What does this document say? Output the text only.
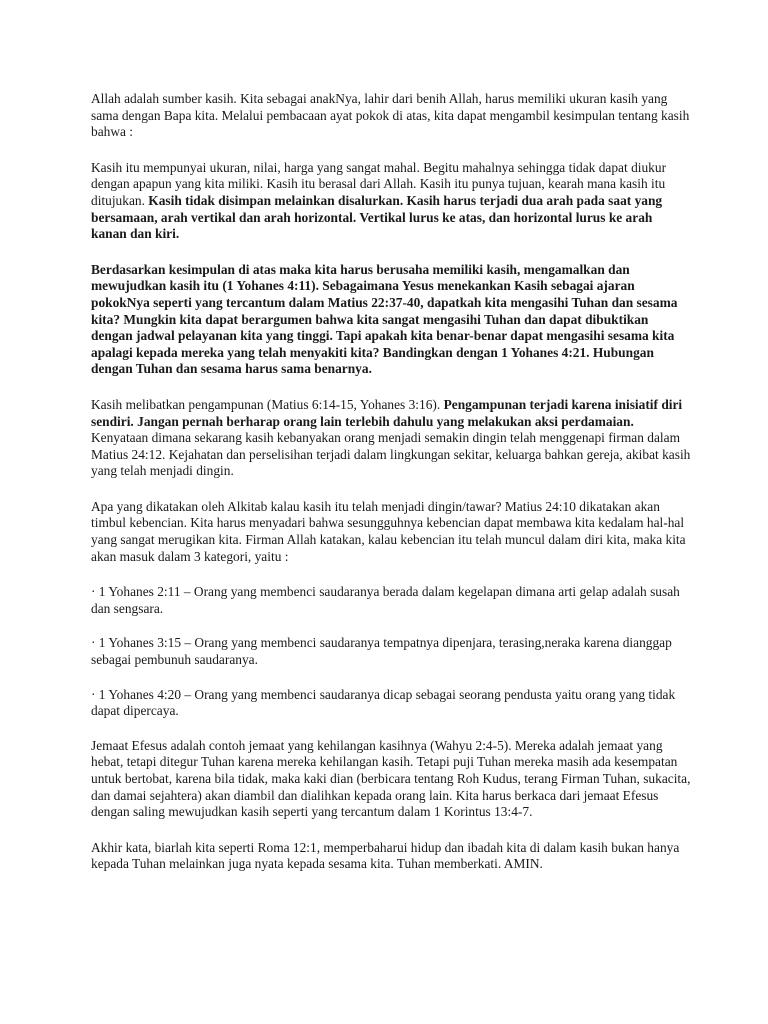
Allah adalah sumber kasih. Kita sebagai anakNya, lahir dari benih Allah, harus memiliki ukuran kasih yang sama dengan Bapa kita. Melalui pembacaan ayat pokok di atas, kita dapat mengambil kesimpulan tentang kasih bahwa :

Kasih itu mempunyai ukuran, nilai, harga yang sangat mahal. Begitu mahalnya sehingga tidak dapat diukur dengan apapun yang kita miliki. Kasih itu berasal dari Allah. Kasih itu punya tujuan, kearah mana kasih itu ditujukan. Kasih tidak disimpan melainkan disalurkan. Kasih harus terjadi dua arah pada saat yang bersamaan, arah vertikal dan arah horizontal. Vertikal lurus ke atas, dan horizontal lurus ke arah kanan dan kiri.

Berdasarkan kesimpulan di atas maka kita harus berusaha memiliki kasih, mengamalkan dan mewujudkan kasih itu (1 Yohanes 4:11). Sebagaimana Yesus menekankan Kasih sebagai ajaran pokokNya seperti yang tercantum dalam Matius 22:37-40, dapatkah kita mengasihi Tuhan dan sesama kita? Mungkin kita dapat berargumen bahwa kita sangat mengasihi Tuhan dan dapat dibuktikan dengan jadwal pelayanan kita yang tinggi. Tapi apakah kita benar-benar dapat mengasihi sesama kita apalagi kepada mereka yang telah menyakiti kita? Bandingkan dengan 1 Yohanes 4:21. Hubungan dengan Tuhan dan sesama harus sama benarnya.

Kasih melibatkan pengampunan (Matius 6:14-15, Yohanes 3:16). Pengampunan terjadi karena inisiatif diri sendiri. Jangan pernah berharap orang lain terlebih dahulu yang melakukan aksi perdamaian. Kenyataan dimana sekarang kasih kebanyakan orang menjadi semakin dingin telah menggenapi firman dalam Matius 24:12. Kejahatan dan perselisihan terjadi dalam lingkungan sekitar, keluarga bahkan gereja, akibat kasih yang telah menjadi dingin.

Apa yang dikatakan oleh Alkitab kalau kasih itu telah menjadi dingin/tawar? Matius 24:10 dikatakan akan timbul kebencian. Kita harus menyadari bahwa sesungguhnya kebencian dapat membawa kita kedalam hal-hal yang sangat merugikan kita. Firman Allah katakan, kalau kebencian itu telah muncul dalam diri kita, maka kita akan masuk dalam 3 kategori, yaitu :

· 1 Yohanes 2:11 – Orang yang membenci saudaranya berada dalam kegelapan dimana arti gelap adalah susah dan sengsara.

· 1 Yohanes 3:15 – Orang yang membenci saudaranya tempatnya dipenjara, terasing,neraka karena dianggap sebagai pembunuh saudaranya.

· 1 Yohanes 4:20 – Orang yang membenci saudaranya dicap sebagai seorang pendusta yaitu orang yang tidak dapat dipercaya.

Jemaat Efesus adalah contoh jemaat yang kehilangan kasihnya (Wahyu 2:4-5). Mereka adalah jemaat yang hebat, tetapi ditegur Tuhan karena mereka kehilangan kasih. Tetapi puji Tuhan mereka masih ada kesempatan untuk bertobat, karena bila tidak, maka kaki dian (berbicara tentang Roh Kudus, terang Firman Tuhan, sukacita, dan damai sejahtera) akan diambil dan dialihkan kepada orang lain. Kita harus berkaca dari jemaat Efesus dengan saling mewujudkan kasih seperti yang tercantum dalam 1 Korintus 13:4-7.

Akhir kata, biarlah kita seperti Roma 12:1, memperbaharui hidup dan ibadah kita di dalam kasih bukan hanya kepada Tuhan melainkan juga nyata kepada sesama kita. Tuhan memberkati. AMIN.
